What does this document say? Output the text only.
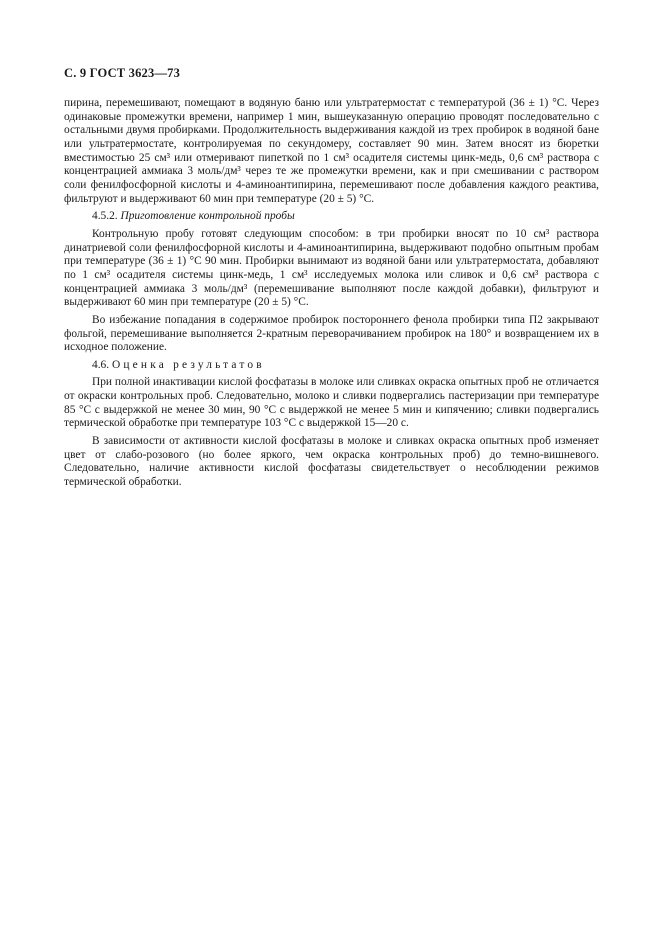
С. 9 ГОСТ 3623—73

пирина, перемешивают, помещают в водяную баню или ультратермостат с температурой (36 ± 1) °С. Через одинаковые промежутки времени, например 1 мин, вышеуказанную операцию проводят последовательно с остальными двумя пробирками. Продолжительность выдерживания каждой из трех пробирок в водяной бане или ультратермостате, контролируемая по секундомеру, составляет 90 мин. Затем вносят из бюретки вместимостью 25 см³ или отмеривают пипеткой по 1 см³ осадителя системы цинк-медь, 0,6 см³ раствора с концентрацией аммиака 3 моль/дм³ через те же промежутки времени, как и при смешивании с раствором соли фенилфосфорной кислоты и 4-аминоантипирина, перемешивают после добавления каждого реактива, фильтруют и выдерживают 60 мин при температуре (20 ± 5) °С.

4.5.2. Приготовление контрольной пробы

Контрольную пробу готовят следующим способом: в три пробирки вносят по 10 см³ раствора динатриевой соли фенилфосфорной кислоты и 4-аминоантипирина, выдерживают подобно опытным пробам при температуре (36 ± 1) °С 90 мин. Пробирки вынимают из водяной бани или ультратермостата, добавляют по 1 см³ осадителя системы цинк-медь, 1 см³ исследуемых молока или сливок и 0,6 см³ раствора с концентрацией аммиака 3 моль/дм³ (перемешивание выполняют после каждой добавки), фильтруют и выдерживают 60 мин при температуре (20 ± 5) °С.

Во избежание попадания в содержимое пробирок постороннего фенола пробирки типа П2 закрывают фольгой, перемешивание выполняется 2-кратным переворачиванием пробирок на 180° и возвращением их в исходное положение.

4.6. Оценка результатов

При полной инактивации кислой фосфатазы в молоке или сливках окраска опытных проб не отличается от окраски контрольных проб. Следовательно, молоко и сливки подвергались пастеризации при температуре 85 °С с выдержкой не менее 30 мин, 90 °С с выдержкой не менее 5 мин и кипячению; сливки подвергались термической обработке при температуре 103 °С с выдержкой 15—20 с.

В зависимости от активности кислой фосфатазы в молоке и сливках окраска опытных проб изменяет цвет от слабо-розового (но более яркого, чем окраска контрольных проб) до темно-вишневого. Следовательно, наличие активности кислой фосфатазы свидетельствует о несоблюдении режимов термической обработки.
